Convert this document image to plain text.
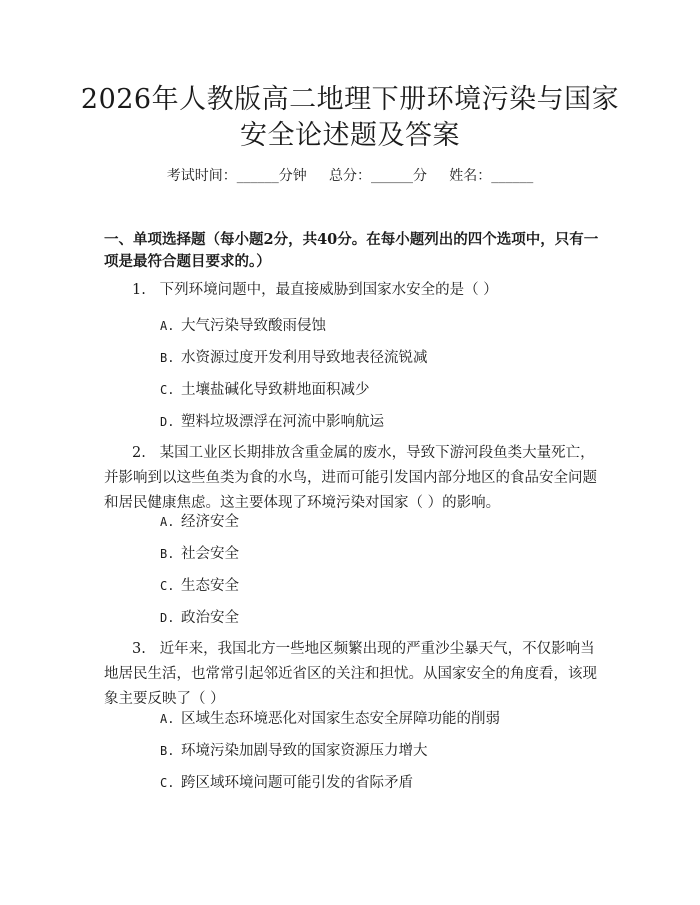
2026年人教版高二地理下册环境污染与国家
安全论述题及答案
考试时间：______分钟     总分：______分     姓名：______
一、单项选择题（每小题2分，共40分。在每小题列出的四个选项中，只有一项是最符合题目要求的。）
1. 下列环境问题中，最直接威胁到国家水安全的是（ ）
A. 大气污染导致酸雨侵蚀
B. 水资源过度开发利用导致地表径流锐减
C. 土壤盐碱化导致耕地面积减少
D. 塑料垃圾漂浮在河流中影响航运
2. 某国工业区长期排放含重金属的废水，导致下游河段鱼类大量死亡，并影响到以这些鱼类为食的水鸟，进而可能引发国内部分地区的食品安全问题和居民健康焦虑。这主要体现了环境污染对国家（ ）的影响。
A. 经济安全
B. 社会安全
C. 生态安全
D. 政治安全
3. 近年来，我国北方一些地区频繁出现的严重沙尘暴天气，不仅影响当地居民生活，也常常引起邻近省区的关注和担忧。从国家安全的角度看，该现象主要反映了（ ）
A. 区域生态环境恶化对国家生态安全屏障功能的削弱
B. 环境污染加剧导致的国家资源压力增大
C. 跨区域环境问题可能引发的省际矛盾
